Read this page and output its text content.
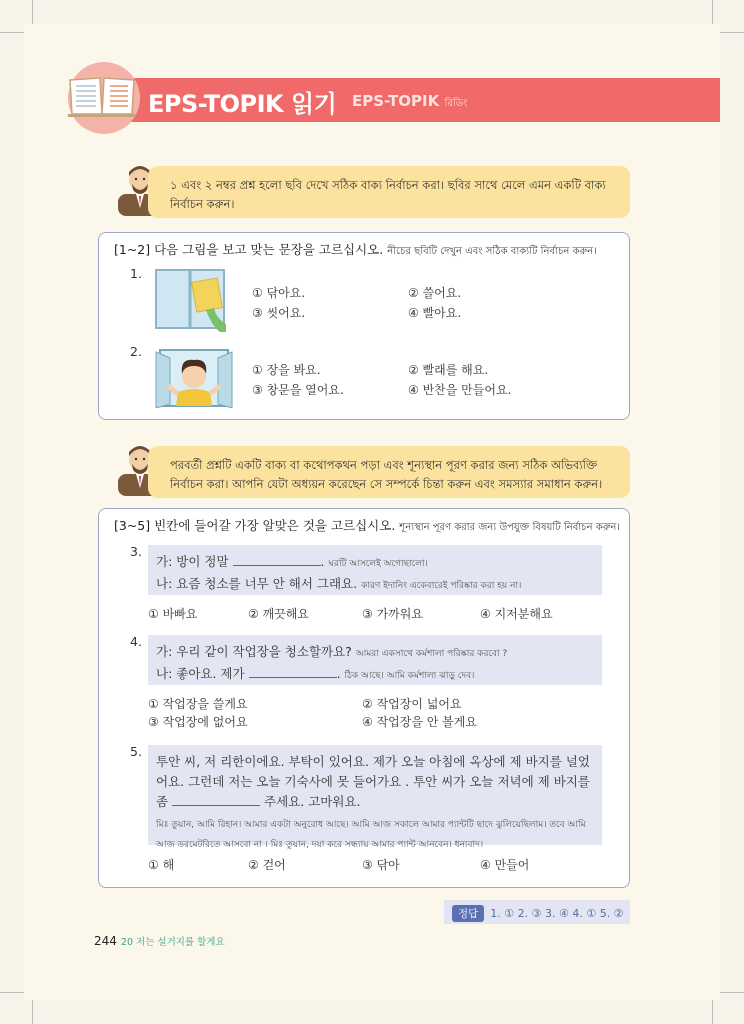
EPS-TOPIK 읽기 EPS-TOPIK রিডিং
১ এবং ২ নম্বর প্রশ্ন হলো ছবি দেখে সঠিক বাক্য নির্বাচন করা। ছবির সাথে মেলে এমন একটি বাক্য নির্বাচন করুন।
[1~2] 다음 그림을 보고 맞는 문장을 고르십시오. নীচের ছবিটি দেখুন এবং সঠিক বাক্যটি নির্বাচন করুন।
1.
① 닦아요.	② 쓸어요.
③ 씻어요.	④ 빨아요.
2.
① 장을 봐요.	② 빨래를 해요.
③ 창문을 열어요.	④ 반찬을 만들어요.
পরবর্তী প্রশ্নটি একটি বাক্য বা কথোপকথন পড়া এবং শূন্যস্থান পূরণ করার জন্য সঠিক অভিব্যক্তি নির্বাচন করা। আপনি যেটা অধ্যয়ন করেছেন সে সম্পর্কে চিন্তা করুন এবং সমস্যার সমাধান করুন।
[3~5] 빈칸에 들어갈 가장 알맞은 것을 고르십시오. শূন্যস্থান পূরণ করার জন্য উপযুক্ত বিষয়টি নির্বাচন করুন।
3.
가: 방이 정말	. ঘরটি আসলেই অগোছালো।
나: 요즘 청소를 너무 안 해서 그래요. কারণ ইদানিং একেবারেই পরিষ্কার করা হয় না।
① 바빠요	② 깨끗해요	③ 가까워요	④ 지저분해요
4.
가: 우리 같이 작업장을 청소할까요? আমরা একসাথে কর্মশালা পরিষ্কার করবো ?
나: 좋아요. 제가	. ঠিক আছে। আমি কর্মশালা ঝাড়ু দেব।
① 작업장을 쓸게요	② 작업장이 넓어요
③ 작업장에 없어요	④ 작업장을 안 볼게요
5.
투안 씨, 저 리한이에요. 부탁이 있어요. 제가 오늘 아침에 옥상에 제 바지를 널었어요. 그런데 저는 오늘 기숙사에 못 들어가요 . 투안 씨가 오늘 저녁에 제 바지를 좀	주세요. 고마워요.
মিঃ তুয়ান, আমি রিহান। আমার একটা অনুরোধ আছে। আমি আজ সকালে আমার প্যান্টটি ছাদে ঝুলিয়েছিলাম। তবে আমি আজ ডরমেটরিতে আসবো না । মিঃ তুয়ান, দয়া করে সন্ধ্যায় আমার প্যান্ট আনবেন। ধন্যবাদ।
① 해	② 걷어	③ 닦아	④ 만들어
정답 1. ① 2. ③ 3. ④ 4. ① 5. ②
244 20 저는 설거지를 할게요
